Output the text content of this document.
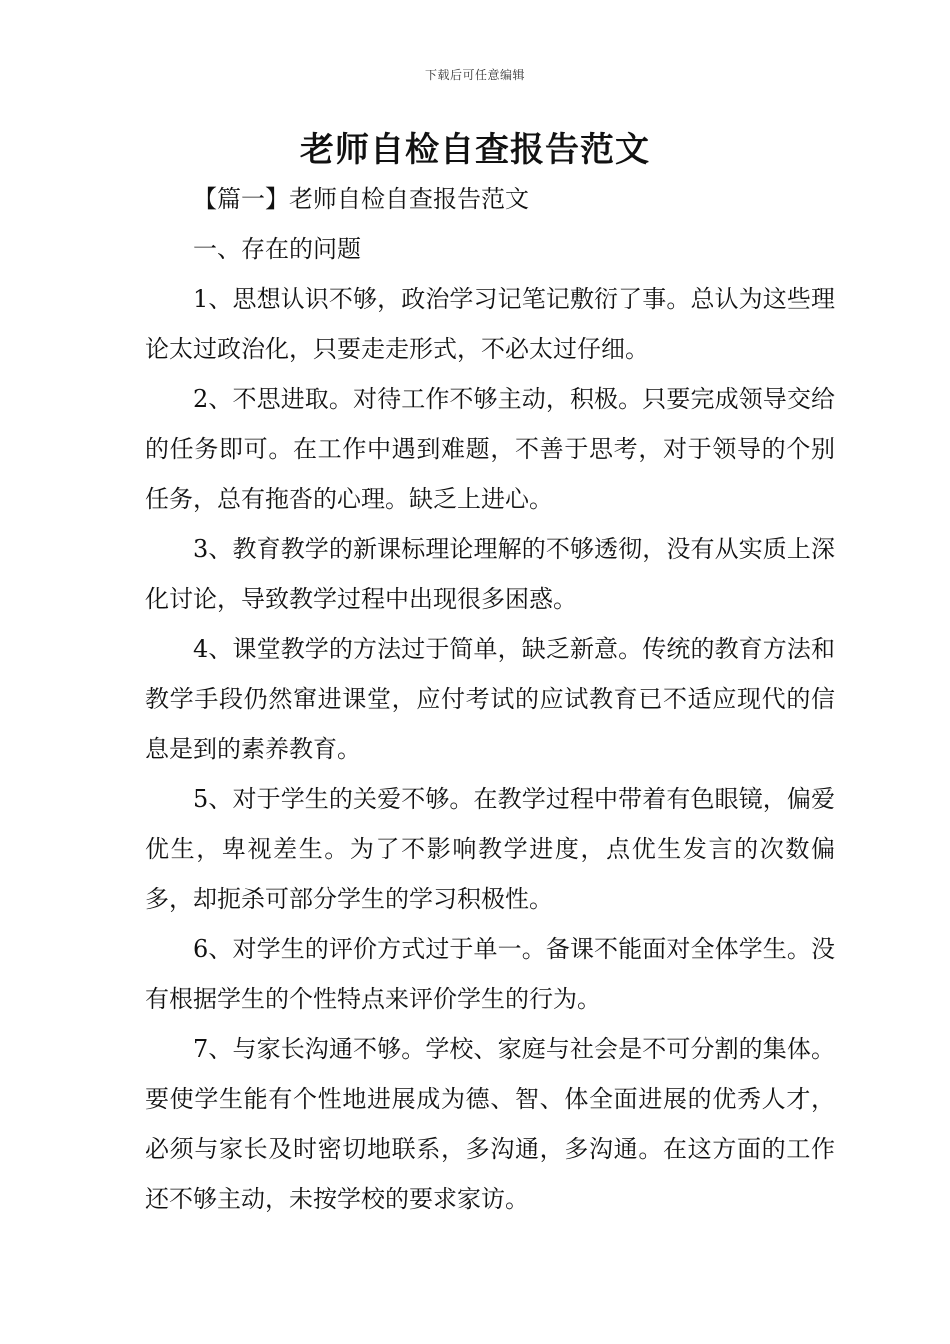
下载后可任意编辑
老师自检自查报告范文

【篇一】老师自检自查报告范文

一、存在的问题

1、思想认识不够，政治学习记笔记敷衍了事。总认为这些理论太过政治化，只要走走形式，不必太过仔细。

2、不思进取。对待工作不够主动，积极。只要完成领导交给的任务即可。在工作中遇到难题，不善于思考，对于领导的个别任务，总有拖沓的心理。缺乏上进心。

3、教育教学的新课标理论理解的不够透彻，没有从实质上深化讨论，导致教学过程中出现很多困惑。

4、课堂教学的方法过于简单，缺乏新意。传统的教育方法和教学手段仍然窜进课堂，应付考试的应试教育已不适应现代的信息是到的素养教育。

5、对于学生的关爱不够。在教学过程中带着有色眼镜，偏爱优生，卑视差生。为了不影响教学进度，点优生发言的次数偏多，却扼杀可部分学生的学习积极性。

6、对学生的评价方式过于单一。备课不能面对全体学生。没有根据学生的个性特点来评价学生的行为。

7、与家长沟通不够。学校、家庭与社会是不可分割的集体。要使学生能有个性地进展成为德、智、体全面进展的优秀人才，必须与家长及时密切地联系，多沟通，多沟通。在这方面的工作还不够主动，未按学校的要求家访。
